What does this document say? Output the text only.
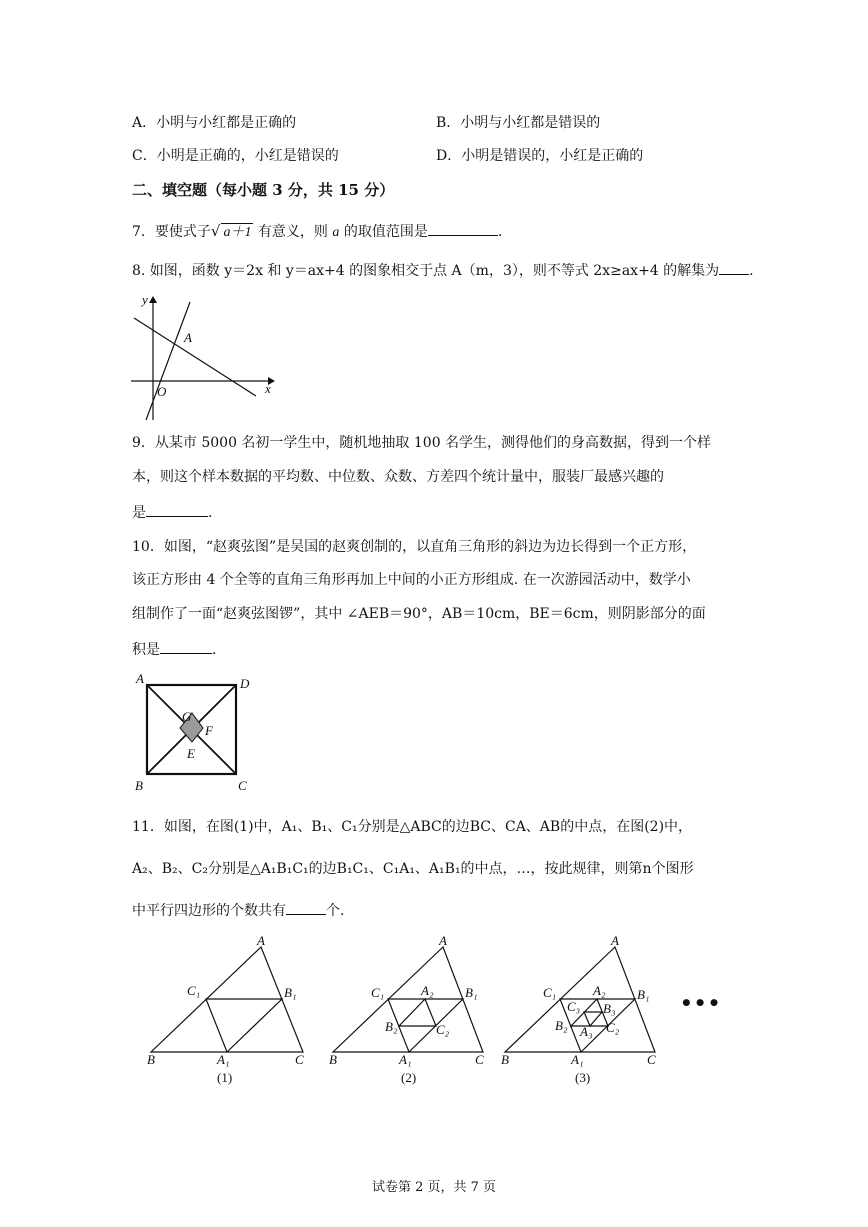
A．小明与小红都是正确的	B．小明与小红都是错误的
C．小明是正确的，小红是错误的	D．小明是错误的，小红是正确的
二、填空题（每小题 3 分，共 15 分）
7．要使式子√ a＋1 有意义，则 a 的取值范围是	.
8. 如图，函数 y＝2x 和 y＝ax+4 的图象相交于点 A（m，3），则不等式 2x≥ax+4 的解集为 .
y
x
O
A
9．从某市 5000 名初一学生中，随机地抽取 100 名学生，测得他们的身高数据，得到一个样
本，则这个样本数据的平均数、中位数、众数、方差四个统计量中，服装厂最感兴趣的
是	.
10．如图，“赵爽弦图”是吴国的赵爽创制的，以直角三角形的斜边为边长得到一个正方形，
该正方形由 4 个全等的直角三角形再加上中间的小正方形组成. 在一次游园活动中，数学小
组制作了一面“赵爽弦图锣”，其中 ∠AEB＝90°，AB＝10cm，BE＝6cm，则阴影部分的面
积是	.
A	D
B	C
G
F
E
11．如图，在图(1)中，A₁、B₁、C₁分别是△ABC的边BC、CA、AB的中点，在图(2)中，
A₂、B₂、C₂分别是△A₁B₁C₁的边B₁C₁、C₁A₁、A₁B₁的中点，…，按此规律，则第n个图形
中平行四边形的个数共有	个.
A
B	C
C₁	B₁
A₁
(1)
A
B	C
C₁	B₁
A₁
A₂
B₂	C₂
(2)
A
B	C
C₁	B₁
A₁
A₂
B₂	C₂
C₃ B₃
A₃
(3)
•••
试卷第 2 页，共 7 页
